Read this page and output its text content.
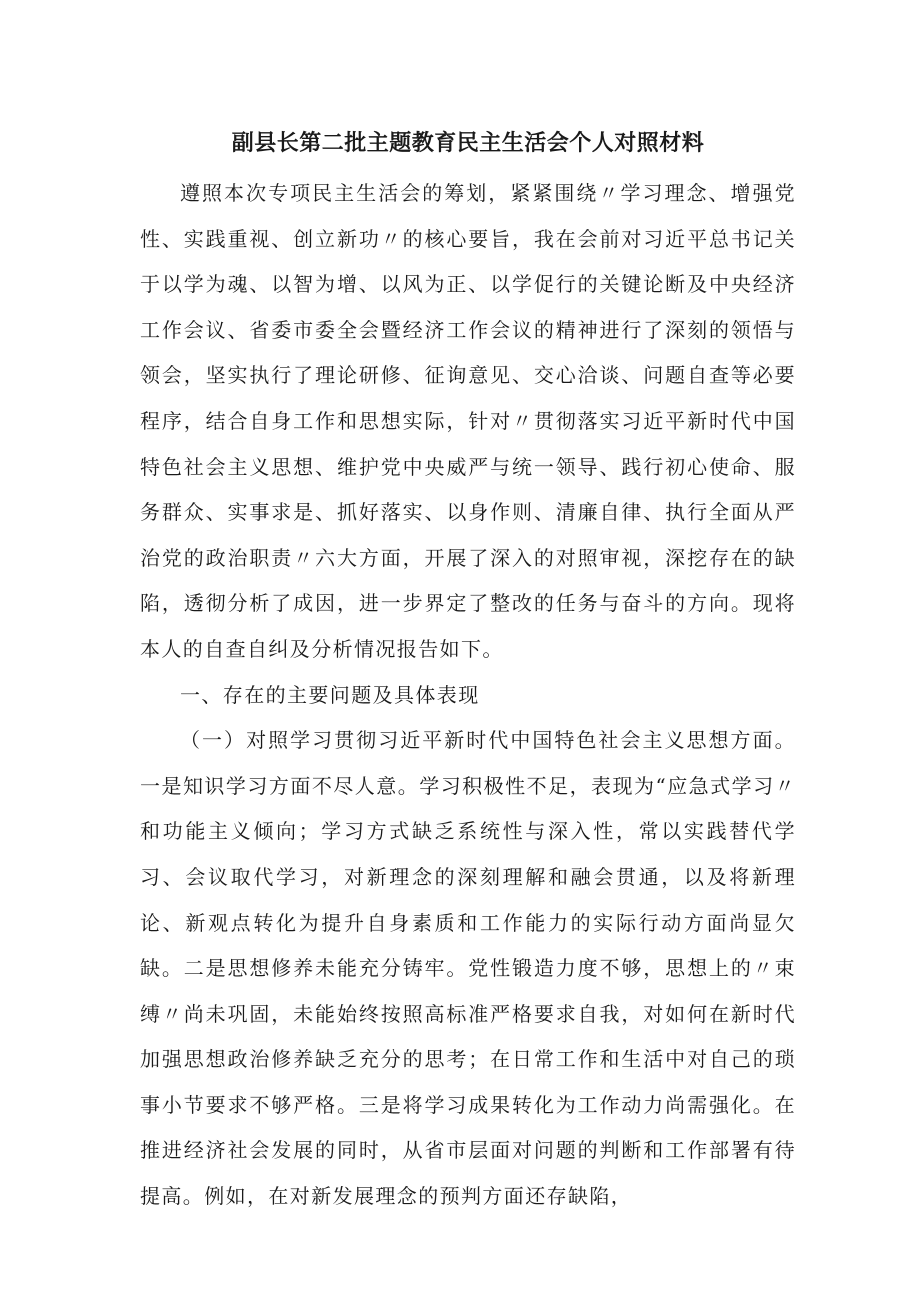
副县长第二批主题教育民主生活会个人对照材料

遵照本次专项民主生活会的筹划，紧紧围绕〃学习理念、增强党性、实践重视、创立新功〃的核心要旨，我在会前对习近平总书记关于以学为魂、以智为增、以风为正、以学促行的关键论断及中央经济工作会议、省委市委全会暨经济工作会议的精神进行了深刻的领悟与领会，坚实执行了理论研修、征询意见、交心洽谈、问题自查等必要程序，结合自身工作和思想实际，针对〃贯彻落实习近平新时代中国特色社会主义思想、维护党中央威严与统一领导、践行初心使命、服务群众、实事求是、抓好落实、以身作则、清廉自律、执行全面从严治党的政治职责〃六大方面，开展了深入的对照审视，深挖存在的缺陷，透彻分析了成因，进一步界定了整改的任务与奋斗的方向。现将本人的自查自纠及分析情况报告如下。

一、存在的主要问题及具体表现

（一）对照学习贯彻习近平新时代中国特色社会主义思想方面。一是知识学习方面不尽人意。学习积极性不足，表现为“应急式学习〃和功能主义倾向；学习方式缺乏系统性与深入性，常以实践替代学习、会议取代学习，对新理念的深刻理解和融会贯通，以及将新理论、新观点转化为提升自身素质和工作能力的实际行动方面尚显欠缺。二是思想修养未能充分铸牢。党性锻造力度不够，思想上的〃束缚〃尚未巩固，未能始终按照高标准严格要求自我，对如何在新时代加强思想政治修养缺乏充分的思考；在日常工作和生活中对自己的琐事小节要求不够严格。三是将学习成果转化为工作动力尚需强化。在推进经济社会发展的同时，从省市层面对问题的判断和工作部署有待提高。例如，在对新发展理念的预判方面还存缺陷，
